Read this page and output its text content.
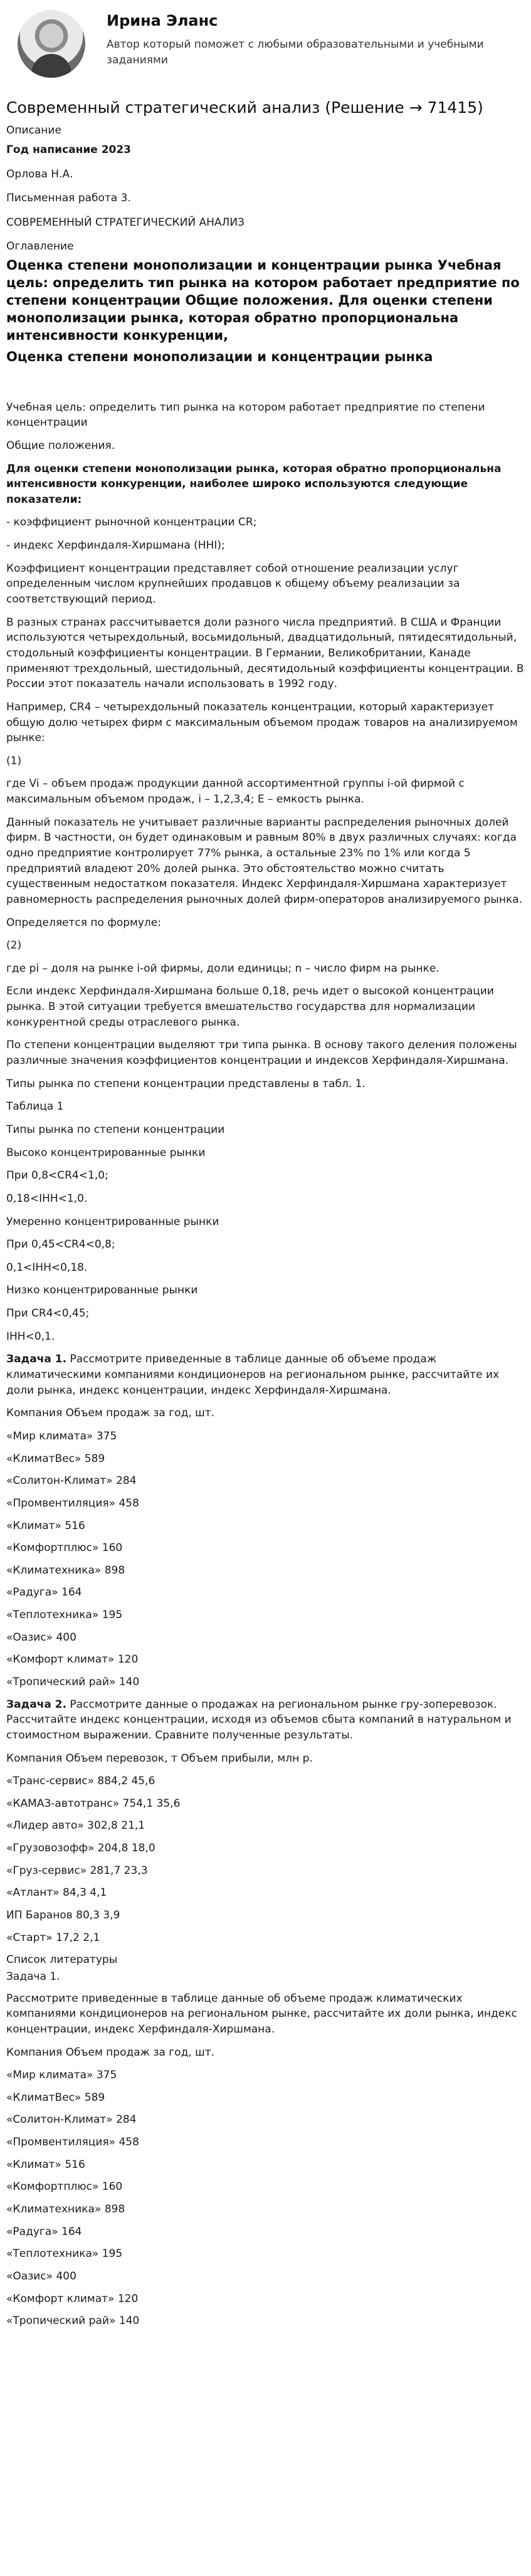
Ирина Эланс
Автор который поможет с любыми образовательными и учебными заданиями
Современный стратегический анализ (Решение → 71415)
Описание
Год написание 2023
Орлова Н.А.
Письменная работа 3.
СОВРЕМЕННЫЙ СТРАТЕГИЧЕСКИЙ АНАЛИЗ
Оглавление
Оценка степени монополизации и концентрации рынка Учебная цель: определить тип рынка на котором работает предприятие по степени концентрации Общие положения. Для оценки степени монополизации рынка, которая обратно пропорциональна интенсивности конкуренции,
Оценка степени монополизации и концентрации рынка

Учебная цель: определить тип рынка на котором работает предприятие по степени концентрации

Общие положения.

Для оценки степени монополизации рынка, которая обратно пропорциональна интенсивности конкуренции, наиболее широко используются следующие показатели:

- коэффициент рыночной концентрации CR;

- индекс Херфиндаля-Хиршмана (HHI);

Коэффициент концентрации представляет собой отношение реализации услуг определенным числом крупнейших продавцов к общему объему реализации за соответствующий период.

В разных странах рассчитывается доли разного числа предприятий. В США и Франции используются четырехдольный, восьмидольный, двадцатидольный, пятидесятидольный, стодольный коэффициенты концентрации. В Германии, Великобритании, Канаде применяют трехдольный, шестидольный, десятидольный коэффициенты концентрации. В России этот показатель начали использовать в 1992 году.

Например, CR4 – четырехдольный показатель концентрации, который характеризует общую долю четырех фирм с максимальным объемом продаж товаров на анализируемом рынке:

(1)

где Vi – объем продаж продукции данной ассортиментной группы i-ой фирмой с максимальным объемом продаж, i – 1,2,3,4; E – емкость рынка.

Данный показатель не учитывает различные варианты распределения рыночных долей фирм. В частности, он будет одинаковым и равным 80% в двух различных случаях: когда одно предприятие контролирует 77% рынка, а остальные 23% по 1% или когда 5 предприятий владеют 20% долей рынка. Это обстоятельство можно считать существенным недостатком показателя. Индекс Херфиндаля-Хиршмана характеризует равномерность распределения рыночных долей фирм-операторов анализируемого рынка.

Определяется по формуле:

(2)

где pi – доля на рынке i-ой фирмы, доли единицы; n – число фирм на рынке.

Если индекс Херфиндаля-Хиршмана больше 0,18, речь идет о высокой концентрации рынка. В этой ситуации требуется вмешательство государства для нормализации конкурентной среды отраслевого рынка.

По степени концентрации выделяют три типа рынка. В основу такого деления положены различные значения коэффициентов концентрации и индексов Херфиндаля-Хиршмана.

Типы рынка по степени концентрации представлены в табл. 1.

Таблица 1

Типы рынка по степени концентрации

Высоко концентрированные рынки

При 0,8<CR4<1,0;

0,18<IHH<1,0.

Умеренно концентрированные рынки

При 0,45<CR4<0,8;

0,1<IHH<0,18.

Низко концентрированные рынки

При CR4<0,45;

IHH<0,1.

Задача 1. Рассмотрите приведенные в таблице данные об объеме продаж климатическими компаниями кондиционеров на региональном рынке, рассчитайте их доли рынка, индекс концентрации, индекс Херфиндаля-Хиршмана.

Компания Объем продаж за год, шт.

«Мир климата» 375

«КлиматВес» 589

«Солитон-Климат» 284

«Промвентиляция» 458

«Климат» 516

«Комфортплюс» 160

«Климатехника» 898

«Радуга» 164

«Теплотехника» 195

«Оазис» 400

«Комфорт климат» 120

«Тропический рай» 140

Задача 2. Рассмотрите данные о продажах на региональном рынке гру-зоперевозок. Рассчитайте индекс концентрации, исходя из объемов сбыта компаний в натуральном и стоимостном выражении. Сравните полученные результаты.

Компания Объем перевозок, т Объем прибыли, млн р.

«Транс-сервис» 884,2 45,6

«КАМАЗ-автотранс» 754,1 35,6

«Лидер авто» 302,8 21,1

«Грузовозофф» 204,8 18,0

«Груз-сервис» 281,7 23,3

«Атлант» 84,3 4,1

ИП Баранов 80,3 3,9

«Старт» 17,2 2,1

Список литературы
Задача 1.

Рассмотрите приведенные в таблице данные об объеме продаж климатических компаниями кондиционеров на региональном рынке, рассчитайте их доли рынка, индекс концентрации, индекс Херфиндаля-Хиршмана.

Компания Объем продаж за год, шт.

«Мир климата» 375

«КлиматВес» 589

«Солитон-Климат» 284

«Промвентиляция» 458

«Климат» 516

«Комфортплюс» 160

«Климатехника» 898

«Радуга» 164

«Теплотехника» 195

«Оазис» 400

«Комфорт климат» 120

«Тропический рай» 140
